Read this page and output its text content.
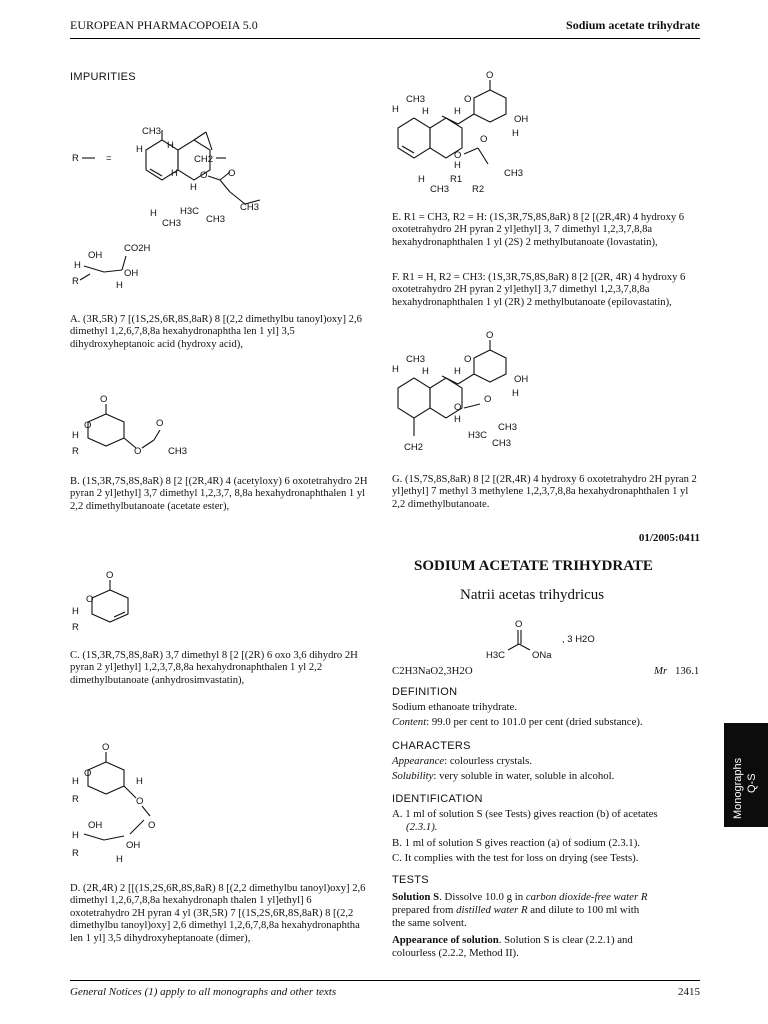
EUROPEAN PHARMACOPOEIA 5.0	Sodium acetate trihydrate
IMPURITIES
R	=
CH3
H	H
CH2
H
H
O O
H3C
CH3
CH3
H
CH3
CO2H
OH
H
OH
H
R
A. (3R,5R) 7 [(1S,2S,6R,8S,8aR) 8 [(2,2 dimethylbu tanoyl)oxy] 2,6 dimethyl 1,2,6,7,8,8a hexahydronaphtha len 1 yl] 3,5 dihydroxyheptanoic acid (hydroxy acid),
O
O
H
R	O
O
CH3
B. (1S,3R,7S,8S,8aR) 8 [2 [(2R,4R) 4 (acetyloxy) 6 oxotetrahydro 2H pyran 2 yl]ethyl] 3,7 dimethyl 1,2,3,7, 8,8a hexahydronaphthalen 1 yl 2,2 dimethylbutanoate (acetate ester),
O
O
H
R
C. (1S,3R,7S,8S,8aR) 3,7 dimethyl 8 [2 [(2R) 6 oxo 3,6 dihydro 2H pyran 2 yl]ethyl] 1,2,3,7,8,8a hexahydronaphthalen 1 yl 2,2 dimethylbutanoate (anhydrosimvastatin),
O
O
H
R
H
O
O
OH
H
OH
H
R
D. (2R,4R) 2 [[(1S,2S,6R,8S,8aR) 8 [(2,2 dimethylbu tanoyl)oxy] 2,6 dimethyl 1,2,6,7,8,8a hexahydronaph thalen 1 yl]ethyl] 6 oxotetrahydro 2H pyran 4 yl (3R,5R) 7 [(1S,2S,6R,8S,8aR) 8 [(2,2 dimethylbu tanoyl)oxy] 2,6 dimethyl 1,2,6,7,8,8a hexahydronaphtha len 1 yl] 3,5 dihydroxyheptanoate (dimer),
O
O
H
OH
H
CH3
H H
O
H
O
CH3
R1
R2
H
CH3
E. R1 = CH3, R2 = H: (1S,3R,7S,8S,8aR) 8 [2 [(2R,4R) 4 hydroxy 6 oxotetrahydro 2H pyran 2 yl]ethyl] 3, 7 dimethyl 1,2,3,7,8,8a hexahydronaphthalen 1 yl (2S) 2 methylbutanoate (lovastatin),
F. R1 = H, R2 = CH3: (1S,3R,7S,8S,8aR) 8 [2 [(2R, 4R) 4 hydroxy 6 oxotetrahydro 2H pyran 2 yl]ethyl] 3,7 dimethyl 1,2,3,7,8,8a hexahydronaphthalen 1 yl (2R) 2 methylbutanoate (epilovastatin),
O
O
H
OH
H
CH3
H H
CH2
O
H
O
H3C
CH3
CH3
G. (1S,7S,8S,8aR) 8 [2 [(2R,4R) 4 hydroxy 6 oxotetrahydro 2H pyran 2 yl]ethyl] 7 methyl 3 methylene 1,2,3,7,8,8a hexahydronaphthalen 1 yl 2,2 dimethylbutanoate.
01/2005:0411
SODIUM ACETATE TRIHYDRATE
Natrii acetas trihydricus
O
H3C	ONa
, 3 H2O
C2H3NaO2,3H2O	Mr 136.1
DEFINITION
Sodium ethanoate trihydrate.
Content: 99.0 per cent to 101.0 per cent (dried substance).
CHARACTERS
Appearance: colourless crystals.
Solubility: very soluble in water, soluble in alcohol.
IDENTIFICATION
A. 1 ml of solution S (see Tests) gives reaction (b) of acetates
(2.3.1).
B. 1 ml of solution S gives reaction (a) of sodium (2.3.1).
C. It complies with the test for loss on drying (see Tests).
TESTS
Solution S. Dissolve 10.0 g in carbon dioxide-free water R
prepared from distilled water R and dilute to 100 ml with
the same solvent.
Appearance of solution. Solution S is clear (2.2.1) and
colourless (2.2.2, Method II).
Monographs Q-S
General Notices (1) apply to all monographs and other texts	2415
